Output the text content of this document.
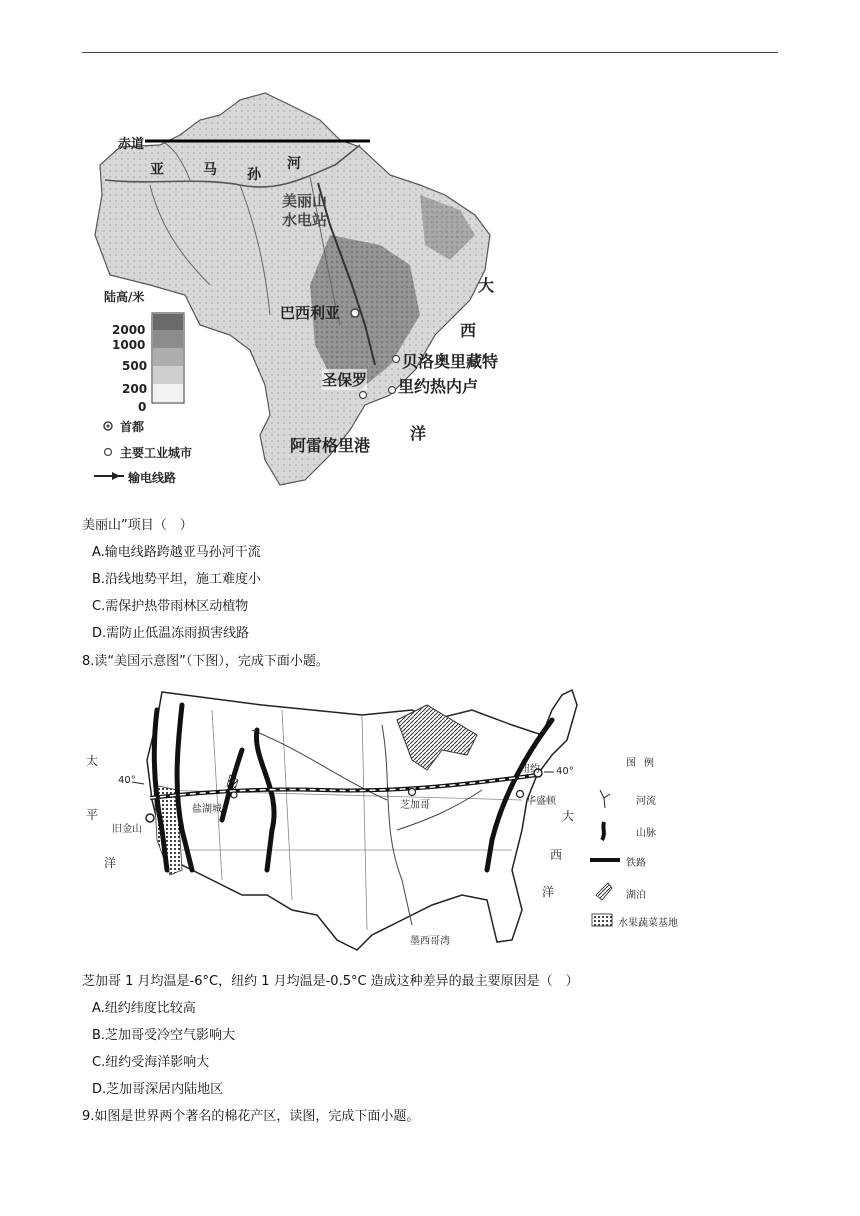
赤道
亚	马 孙
河
美丽山
水电站
巴西利亚
贝洛奥里藏特
圣保罗 里约热内卢
阿雷格里港
大
西
洋
陆高/米
2000
1000
500
200
0
首都
主要工业城市
输电线路
美丽山”项目（　）
A.输电线路跨越亚马孙河干流
B.沿线地势平坦，施工难度小
C.需保护热带雨林区动植物
D.需防止低温冻雨损害线路
8.读“美国示意图”（下图），完成下面小题。
太
平
洋
大
西
洋
40°
40°
盐湖城
旧金山
芝加哥
纽约
华盛顿
墨西哥湾
图例
河流
山脉
铁路
湖泊
水果蔬菜基地
芝加哥 1 月均温是-6°C，纽约 1 月均温是-0.5°C 造成这种差异的最主要原因是（　）
A.纽约纬度比较高
B.芝加哥受冷空气影响大
C.纽约受海洋影响大
D.芝加哥深居内陆地区
9.如图是世界两个著名的棉花产区，读图，完成下面小题。
